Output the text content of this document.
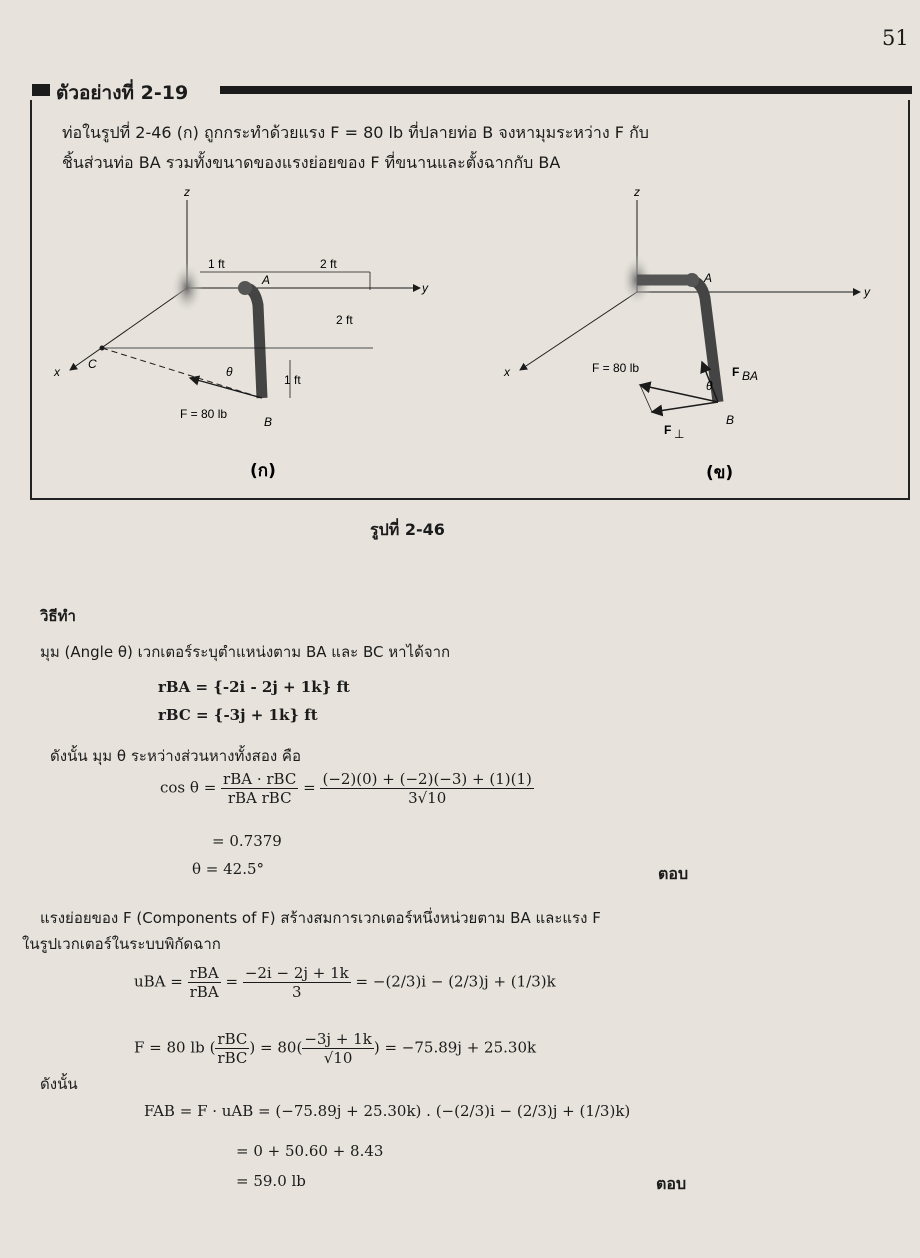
51
ตัวอย่างที่ 2-19
ท่อในรูปที่ 2-46 (ก) ถูกกระทำด้วยแรง F = 80 lb ที่ปลายท่อ B จงหามุมระหว่าง F กับ
ชิ้นส่วนท่อ BA รวมทั้งขนาดของแรงย่อยของ F ที่ขนานและตั้งฉากกับ BA
z
y
x
1 ft	2 ft
2 ft
1 ft
A
B
C
θ
F = 80 lb
(ก)
z
y
x
A
B
θ
F = 80 lb	F BA
F ⊥
(ข)
รูปที่ 2-46
วิธีทำ
มุม (Angle θ) เวกเตอร์ระบุตำแหน่งตาม BA และ BC หาได้จาก
rBA = {-2i - 2j + 1k} ft
rBC = {-3j + 1k} ft
ดังนั้น มุม θ ระหว่างส่วนหางทั้งสอง คือ
$\cos \theta = \frac{\text{rBA · rBC}}{\text{rBA rBC}} = \frac{(-2)(0) + (-2)(-3) + (1)(1)}{3√10}$
= 0.7379
θ = 42.5°	ตอบ
แรงย่อยของ F (Components of F) สร้างสมการเวกเตอร์หนึ่งหน่วยตาม BA และแรง F
ในรูปเวกเตอร์ในระบบพิกัดฉาก
uBA = $\frac{\text{rBA}}{\text{rBA}} = \frac{-2i - 2j + 1k}{3} = -(2/3)i - (2/3)j + (1/3)k$
F = 80 lb ( $\frac{\text{rBC}}{\text{rBC}}$ ) = $80( \frac{-3j + 1k}{√10}$ ) = −75.89j + 25.30k
ดังนั้น
FAB = F · uAB = (−75.89j + 25.30k) . (−(2/3)i − (2/3)j + (1/3)k)
= 0 + 50.60 + 8.43
= 59.0 lb	ตอบ
